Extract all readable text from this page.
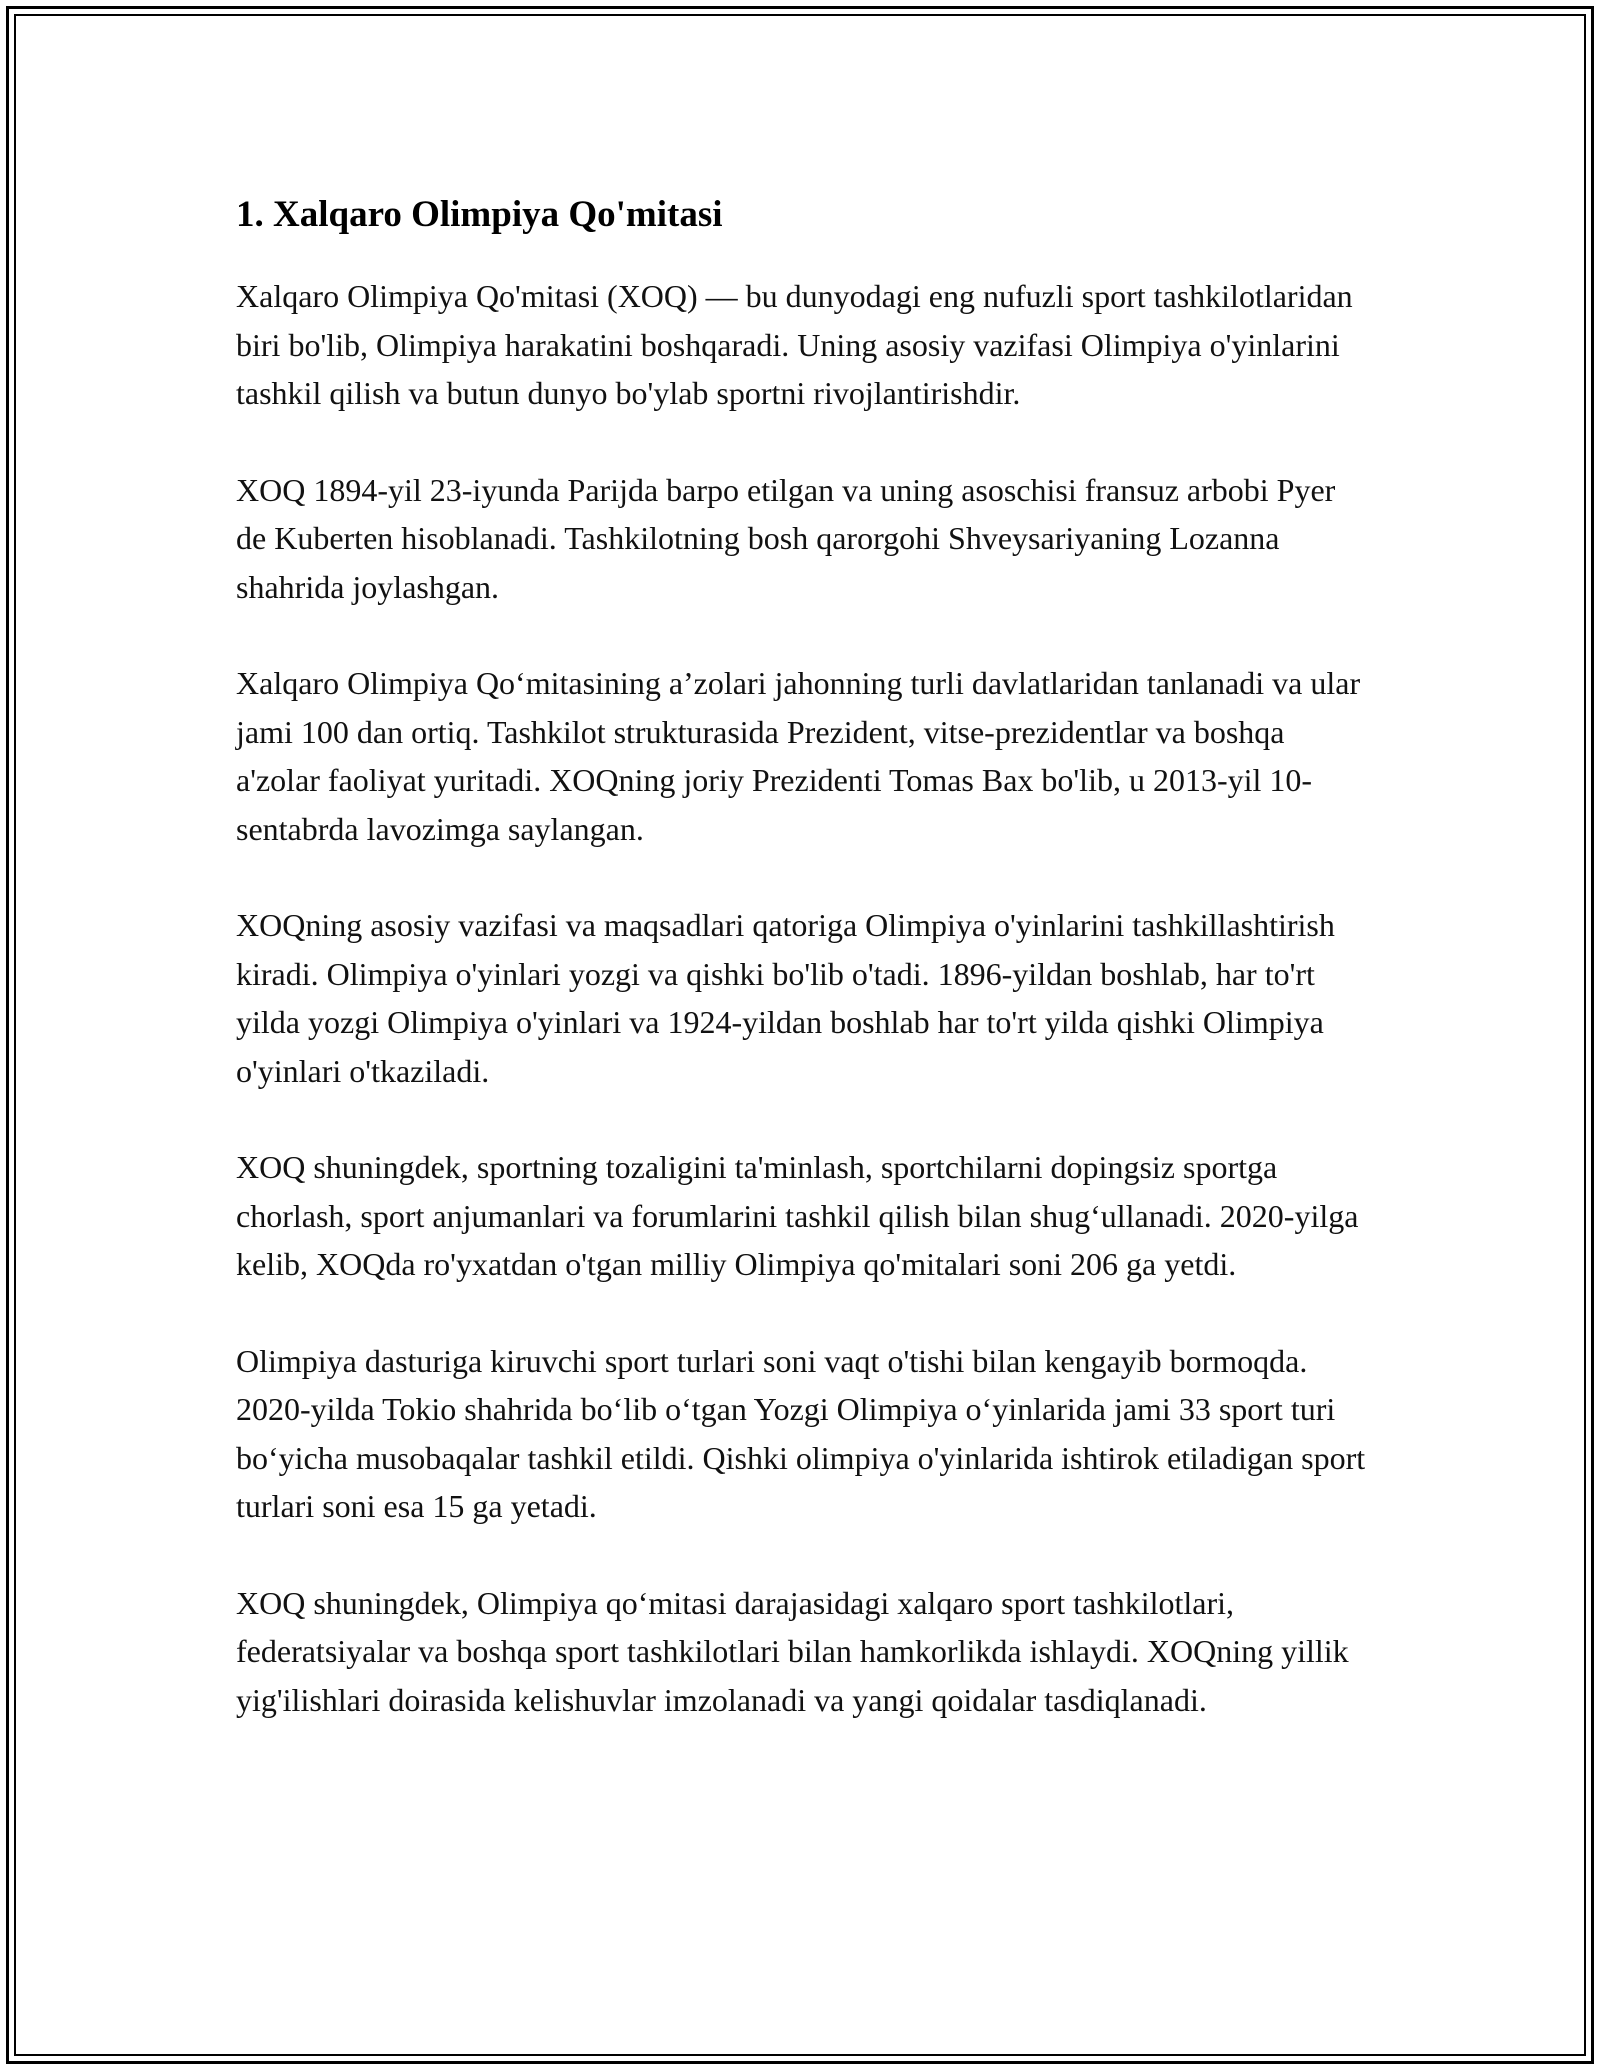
1. Xalqaro Olimpiya Qo'mitasi

Xalqaro Olimpiya Qo'mitasi (XOQ) — bu dunyodagi eng nufuzli sport tashkilotlaridan biri bo'lib, Olimpiya harakatini boshqaradi. Uning asosiy vazifasi Olimpiya o'yinlarini tashkil qilish va butun dunyo bo'ylab sportni rivojlantirishdir.

XOQ 1894-yil 23-iyunda Parijda barpo etilgan va uning asoschisi fransuz arbobi Pyer de Kuberten hisoblanadi. Tashkilotning bosh qarorgohi Shveysariyaning Lozanna shahrida joylashgan.

Xalqaro Olimpiya Qo‘mitasining a’zolari jahonning turli davlatlaridan tanlanadi va ular jami 100 dan ortiq. Tashkilot strukturasida Prezident, vitse-prezidentlar va boshqa a'zolar faoliyat yuritadi. XOQning joriy Prezidenti Tomas Bax bo'lib, u 2013-yil 10-sentabrda lavozimga saylangan.

XOQning asosiy vazifasi va maqsadlari qatoriga Olimpiya o'yinlarini tashkillashtirish kiradi. Olimpiya o'yinlari yozgi va qishki bo'lib o'tadi. 1896-yildan boshlab, har to'rt yilda yozgi Olimpiya o'yinlari va 1924-yildan boshlab har to'rt yilda qishki Olimpiya o'yinlari o'tkaziladi.

XOQ shuningdek, sportning tozaligini ta'minlash, sportchilarni dopingsiz sportga chorlash, sport anjumanlari va forumlarini tashkil qilish bilan shug‘ullanadi. 2020-yilga kelib, XOQda ro'yxatdan o'tgan milliy Olimpiya qo'mitalari soni 206 ga yetdi.

Olimpiya dasturiga kiruvchi sport turlari soni vaqt o'tishi bilan kengayib bormoqda. 2020-yilda Tokio shahrida bo‘lib o‘tgan Yozgi Olimpiya o‘yinlarida jami 33 sport turi bo‘yicha musobaqalar tashkil etildi. Qishki olimpiya o'yinlarida ishtirok etiladigan sport turlari soni esa 15 ga yetadi.

XOQ shuningdek, Olimpiya qo‘mitasi darajasidagi xalqaro sport tashkilotlari, federatsiyalar va boshqa sport tashkilotlari bilan hamkorlikda ishlaydi. XOQning yillik yig'ilishlari doirasida kelishuvlar imzolanadi va yangi qoidalar tasdiqlanadi.
